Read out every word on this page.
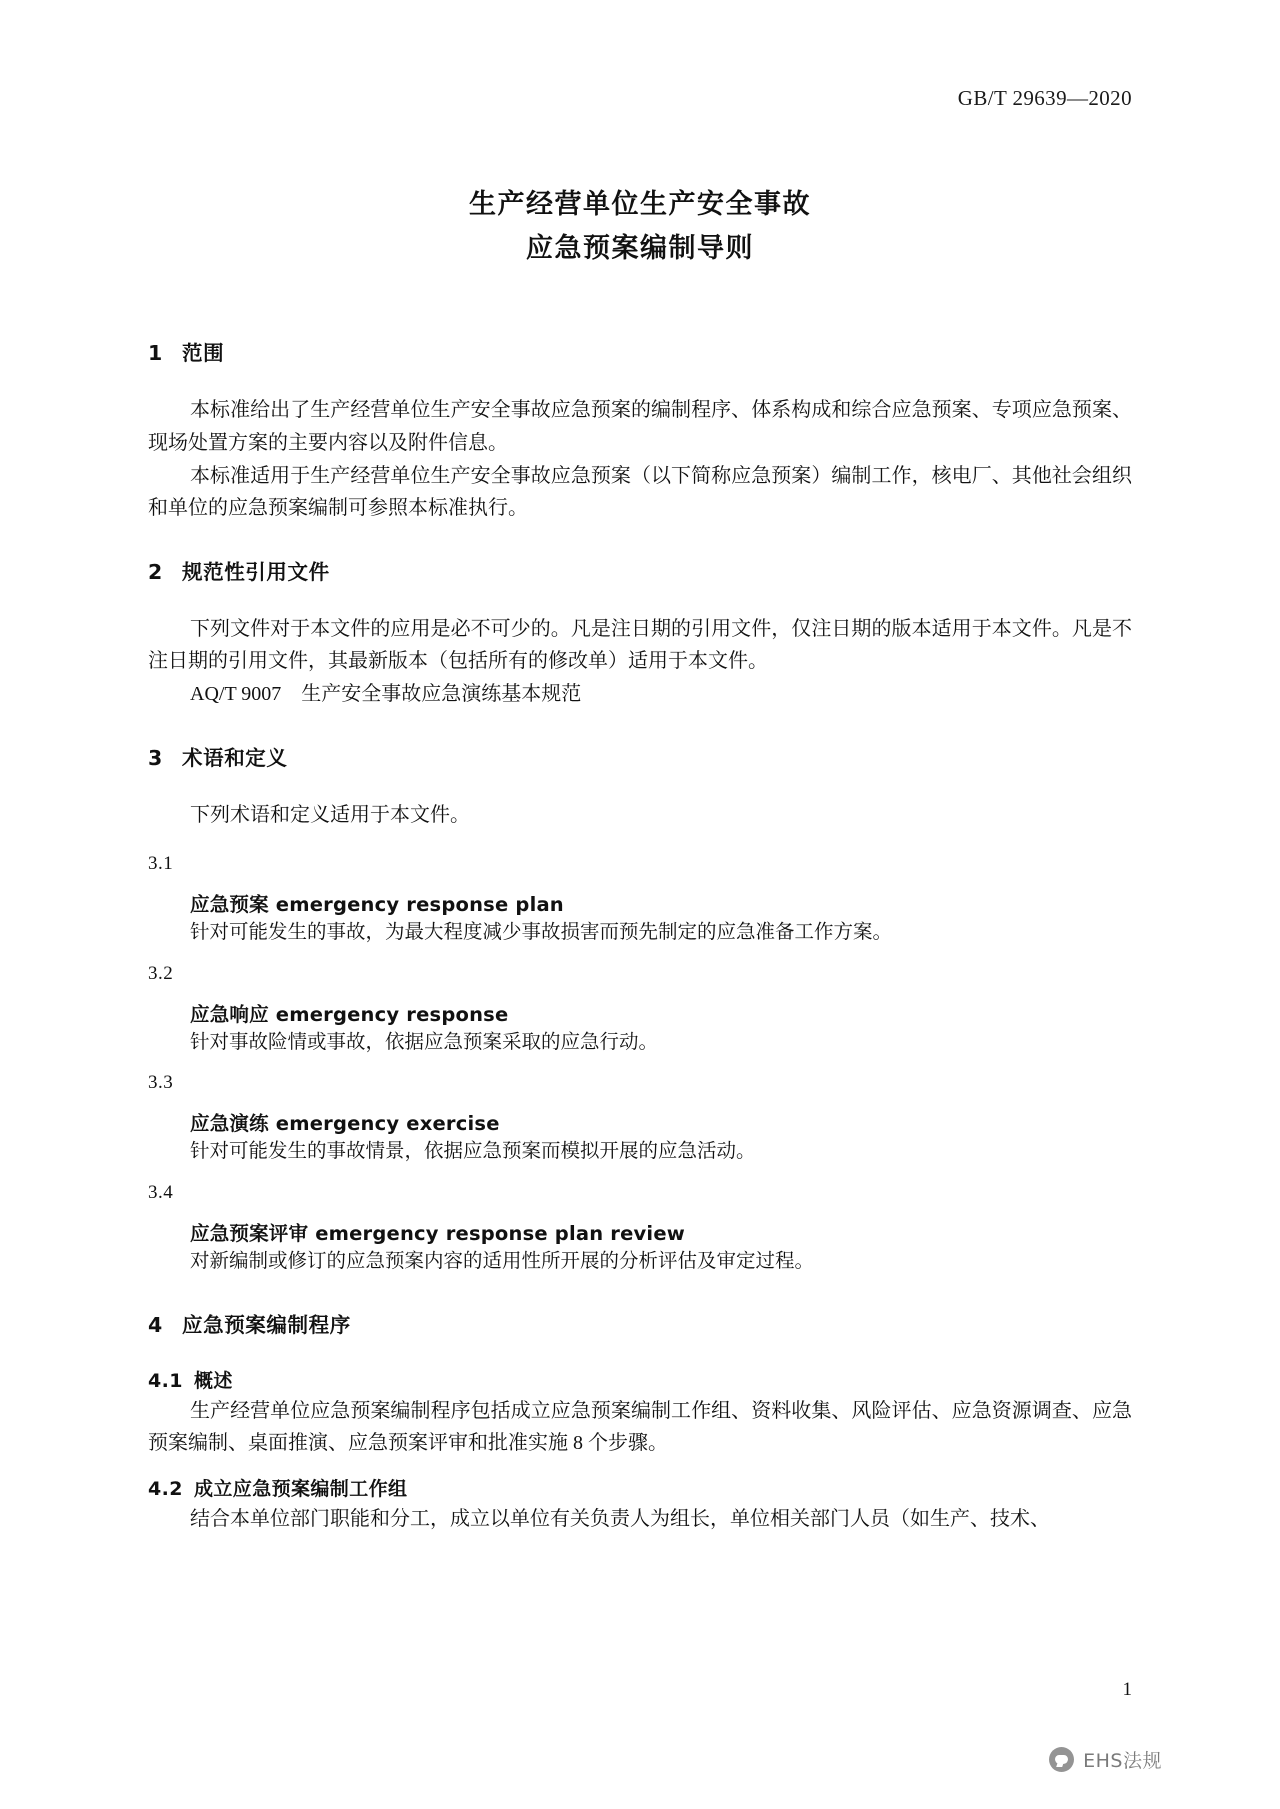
GB/T 29639—2020
生产经营单位生产安全事故
应急预案编制导则
1 范围

本标准给出了生产经营单位生产安全事故应急预案的编制程序、体系构成和综合应急预案、专项应急预案、现场处置方案的主要内容以及附件信息。

本标准适用于生产经营单位生产安全事故应急预案（以下简称应急预案）编制工作，核电厂、其他社会组织和单位的应急预案编制可参照本标准执行。

2 规范性引用文件

下列文件对于本文件的应用是必不可少的。凡是注日期的引用文件，仅注日期的版本适用于本文件。凡是不注日期的引用文件，其最新版本（包括所有的修改单）适用于本文件。

AQ/T 9007　生产安全事故应急演练基本规范

3 术语和定义

下列术语和定义适用于本文件。

3.1

应急预案 emergency response plan

针对可能发生的事故，为最大程度减少事故损害而预先制定的应急准备工作方案。

3.2

应急响应 emergency response

针对事故险情或事故，依据应急预案采取的应急行动。

3.3

应急演练 emergency exercise

针对可能发生的事故情景，依据应急预案而模拟开展的应急活动。

3.4

应急预案评审 emergency response plan review

对新编制或修订的应急预案内容的适用性所开展的分析评估及审定过程。

4 应急预案编制程序
4.1 概述

生产经营单位应急预案编制程序包括成立应急预案编制工作组、资料收集、风险评估、应急资源调查、应急预案编制、桌面推演、应急预案评审和批准实施 8 个步骤。

4.2 成立应急预案编制工作组

结合本单位部门职能和分工，成立以单位有关负责人为组长，单位相关部门人员（如生产、技术、

1
EHS法规
